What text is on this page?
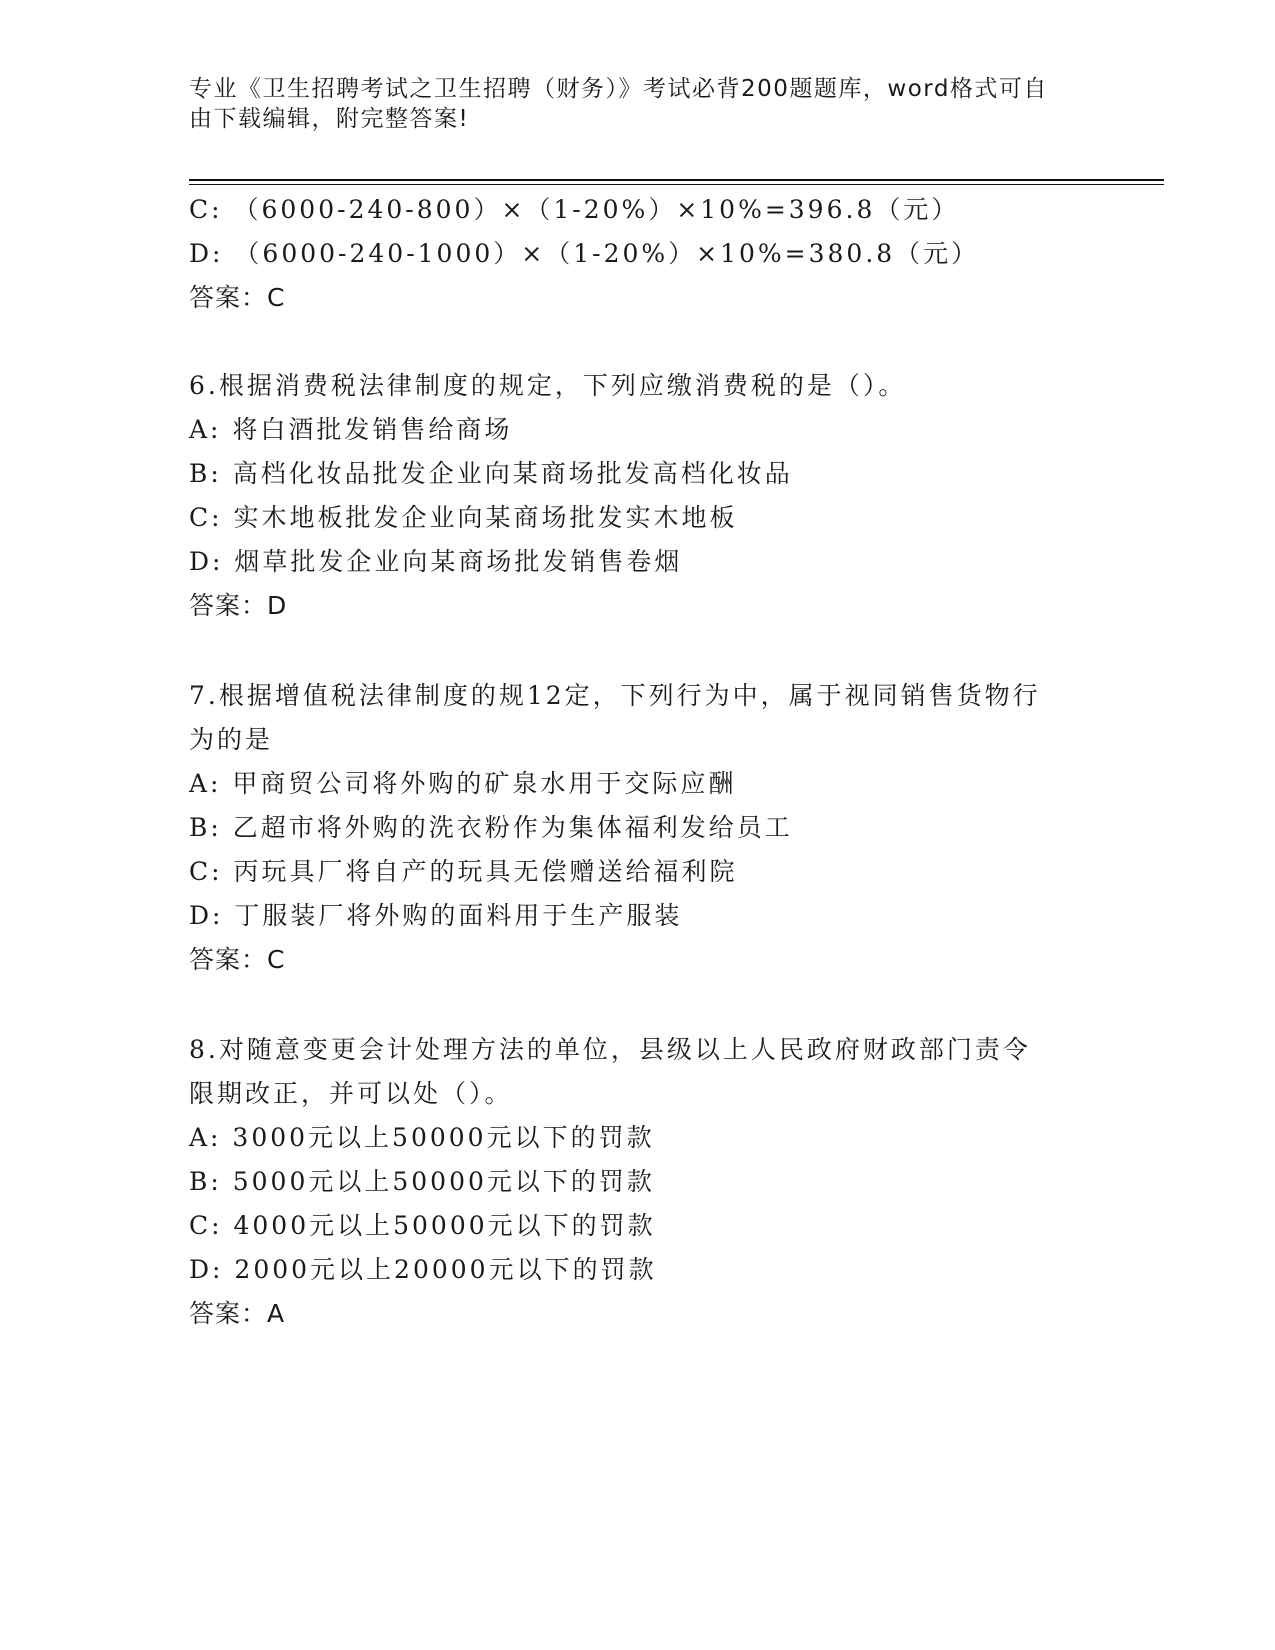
专业《卫生招聘考试之卫生招聘（财务）》考试必背200题题库，word格式可自
由下载编辑，附完整答案!
C: （6000-240-800）×（1-20%）×10%=396.8（元）
D: （6000-240-1000）×（1-20%）×10%=380.8（元）
答案：C
6.根据消费税法律制度的规定，下列应缴消费税的是（）。
A: 将白酒批发销售给商场
B: 高档化妆品批发企业向某商场批发高档化妆品
C: 实木地板批发企业向某商场批发实木地板
D: 烟草批发企业向某商场批发销售卷烟
答案：D
7.根据增值税法律制度的规12定，下列行为中，属于视同销售货物行
为的是
A: 甲商贸公司将外购的矿泉水用于交际应酬
B: 乙超市将外购的洗衣粉作为集体福利发给员工
C: 丙玩具厂将自产的玩具无偿赠送给福利院
D: 丁服装厂将外购的面料用于生产服装
答案：C
8.对随意变更会计处理方法的单位，县级以上人民政府财政部门责令
限期改正，并可以处（）。
A: 3000元以上50000元以下的罚款
B: 5000元以上50000元以下的罚款
C: 4000元以上50000元以下的罚款
D: 2000元以上20000元以下的罚款
答案：A
